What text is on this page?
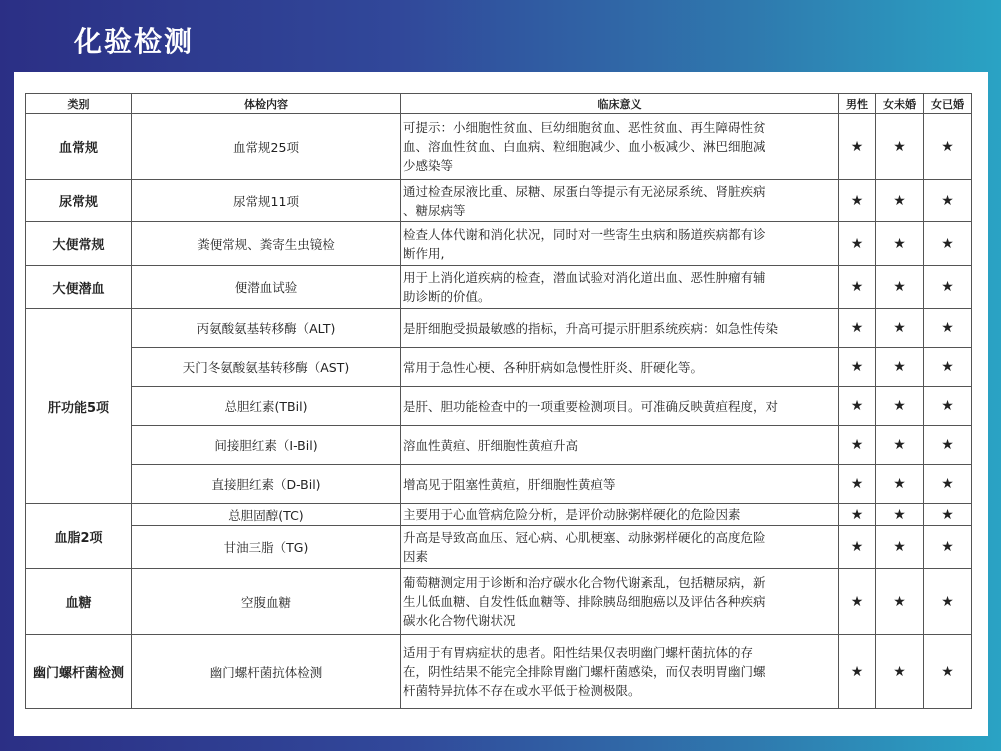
化验检测
类别	体检内容	临床意义	男性	女未婚	女已婚
血常规	血常规25项	可提示：小细胞性贫血、巨幼细胞贫血、恶性贫血、再生障碍性贫
血、溶血性贫血、白血病、粒细胞减少、血小板减少、淋巴细胞减
少感染等	★	★	★
尿常规	尿常规11项	通过检查尿液比重、尿糖、尿蛋白等提示有无泌尿系统、肾脏疾病
、糖尿病等	★	★	★
大便常规	粪便常规、粪寄生虫镜检	检查人体代谢和消化状况，同时对一些寄生虫病和肠道疾病都有诊
断作用,	★	★	★
大便潜血	便潜血试验	用于上消化道疾病的检查，潜血试验对消化道出血、恶性肿瘤有辅
助诊断的价值。	★	★	★
肝功能5项	丙氨酸氨基转移酶（ALT)	是肝细胞受损最敏感的指标，升高可提示肝胆系统疾病：如急性传染	★	★	★
	天门冬氨酸氨基转移酶（AST)	常用于急性心梗、各种肝病如急慢性肝炎、肝硬化等。	★	★	★
	总胆红素(TBil)	是肝、胆功能检查中的一项重要检测项目。可准确反映黄疸程度，对	★	★	★
	间接胆红素（I-Bil)	溶血性黄疸、肝细胞性黄疸升高	★	★	★
	直接胆红素（D-Bil)	增高见于阻塞性黄疸，肝细胞性黄疸等	★	★	★
血脂2项	总胆固醇(TC)	主要用于心血管病危险分析，是评价动脉粥样硬化的危险因素	★	★	★
	甘油三脂（TG)	升高是导致高血压、冠心病、心肌梗塞、动脉粥样硬化的高度危险
因素	★	★	★
血糖	空腹血糖	葡萄糖测定用于诊断和治疗碳水化合物代谢紊乱，包括糖尿病，新
生儿低血糖、自发性低血糖等、排除胰岛细胞癌以及评估各种疾病
碳水化合物代谢状况	★	★	★
幽门螺杆菌检测	幽门螺杆菌抗体检测	适用于有胃病症状的患者。阳性结果仅表明幽门螺杆菌抗体的存
在，阴性结果不能完全排除胃幽门螺杆菌感染，而仅表明胃幽门螺
杆菌特异抗体不存在或水平低于检测极限。	★	★	★
